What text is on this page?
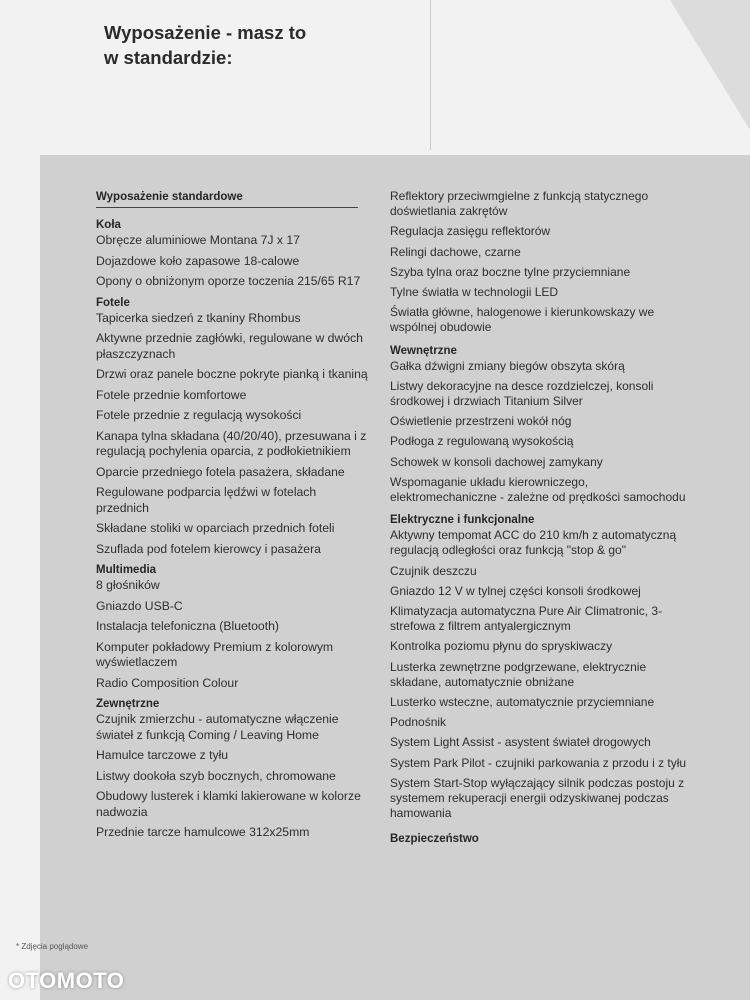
Wyposażenie - masz to
w standardzie:
Wyposażenie standardowe
Koła
Obręcze aluminiowe Montana 7J x 17
Dojazdowe koło zapasowe 18-calowe
Opony o obniżonym oporze toczenia 215/65 R17
Fotele
Tapicerka siedzeń z tkaniny Rhombus
Aktywne przednie zagłówki, regulowane w dwóch płaszczyznach
Drzwi oraz panele boczne pokryte pianką i tkaniną
Fotele przednie komfortowe
Fotele przednie z regulacją wysokości
Kanapa tylna składana (40/20/40), przesuwana i z regulacją pochylenia oparcia, z podłokietnikiem
Oparcie przedniego fotela pasażera, składane
Regulowane podparcia lędźwi w fotelach przednich
Składane stoliki w oparciach przednich foteli
Szuflada pod fotelem kierowcy i pasażera
Multimedia
8 głośników
Gniazdo USB-C
Instalacja telefoniczna (Bluetooth)
Komputer pokładowy Premium z kolorowym wyświetlaczem
Radio Composition Colour
Zewnętrzne
Czujnik zmierzchu - automatyczne włączenie świateł z funkcją Coming / Leaving Home
Hamulce tarczowe z tyłu
Listwy dookoła szyb bocznych, chromowane
Obudowy lusterek i klamki lakierowane w kolorze nadwozia
Przednie tarcze hamulcowe 312x25mm
Reflektory przeciwmgielne z funkcją statycznego doświetlania zakrętów
Regulacja zasięgu reflektorów
Relingi dachowe, czarne
Szyba tylna oraz boczne tylne przyciemniane
Tylne światła w technologii LED
Światła główne, halogenowe i kierunkowskazy we wspólnej obudowie
Wewnętrzne
Gałka dźwigni zmiany biegów obszyta skórą
Listwy dekoracyjne na desce rozdzielczej, konsoli środkowej i drzwiach Titanium Silver
Oświetlenie przestrzeni wokół nóg
Podłoga z regulowaną wysokością
Schowek w konsoli dachowej zamykany
Wspomaganie układu kierowniczego, elektromechaniczne - zależne od prędkości samochodu
Elektryczne i funkcjonalne
Aktywny tempomat ACC do 210 km/h z automatyczną regulacją odległości oraz funkcją "stop & go"
Czujnik deszczu
Gniazdo 12 V w tylnej części konsoli środkowej
Klimatyzacja automatyczna Pure Air Climatronic, 3-strefowa z filtrem antyalergicznym
Kontrolka poziomu płynu do spryskiwaczy
Lusterka zewnętrzne podgrzewane, elektrycznie składane, automatycznie obniżane
Lusterko wsteczne, automatycznie przyciemniane
Podnośnik
System Light Assist - asystent świateł drogowych
System Park Pilot - czujniki parkowania z przodu i z tyłu
System Start-Stop wyłączający silnik podczas postoju z systemem rekuperacji energii odzyskiwanej podczas hamowania
Bezpieczeństwo
* Zdjęcia poglądowe
OTOMOTO
